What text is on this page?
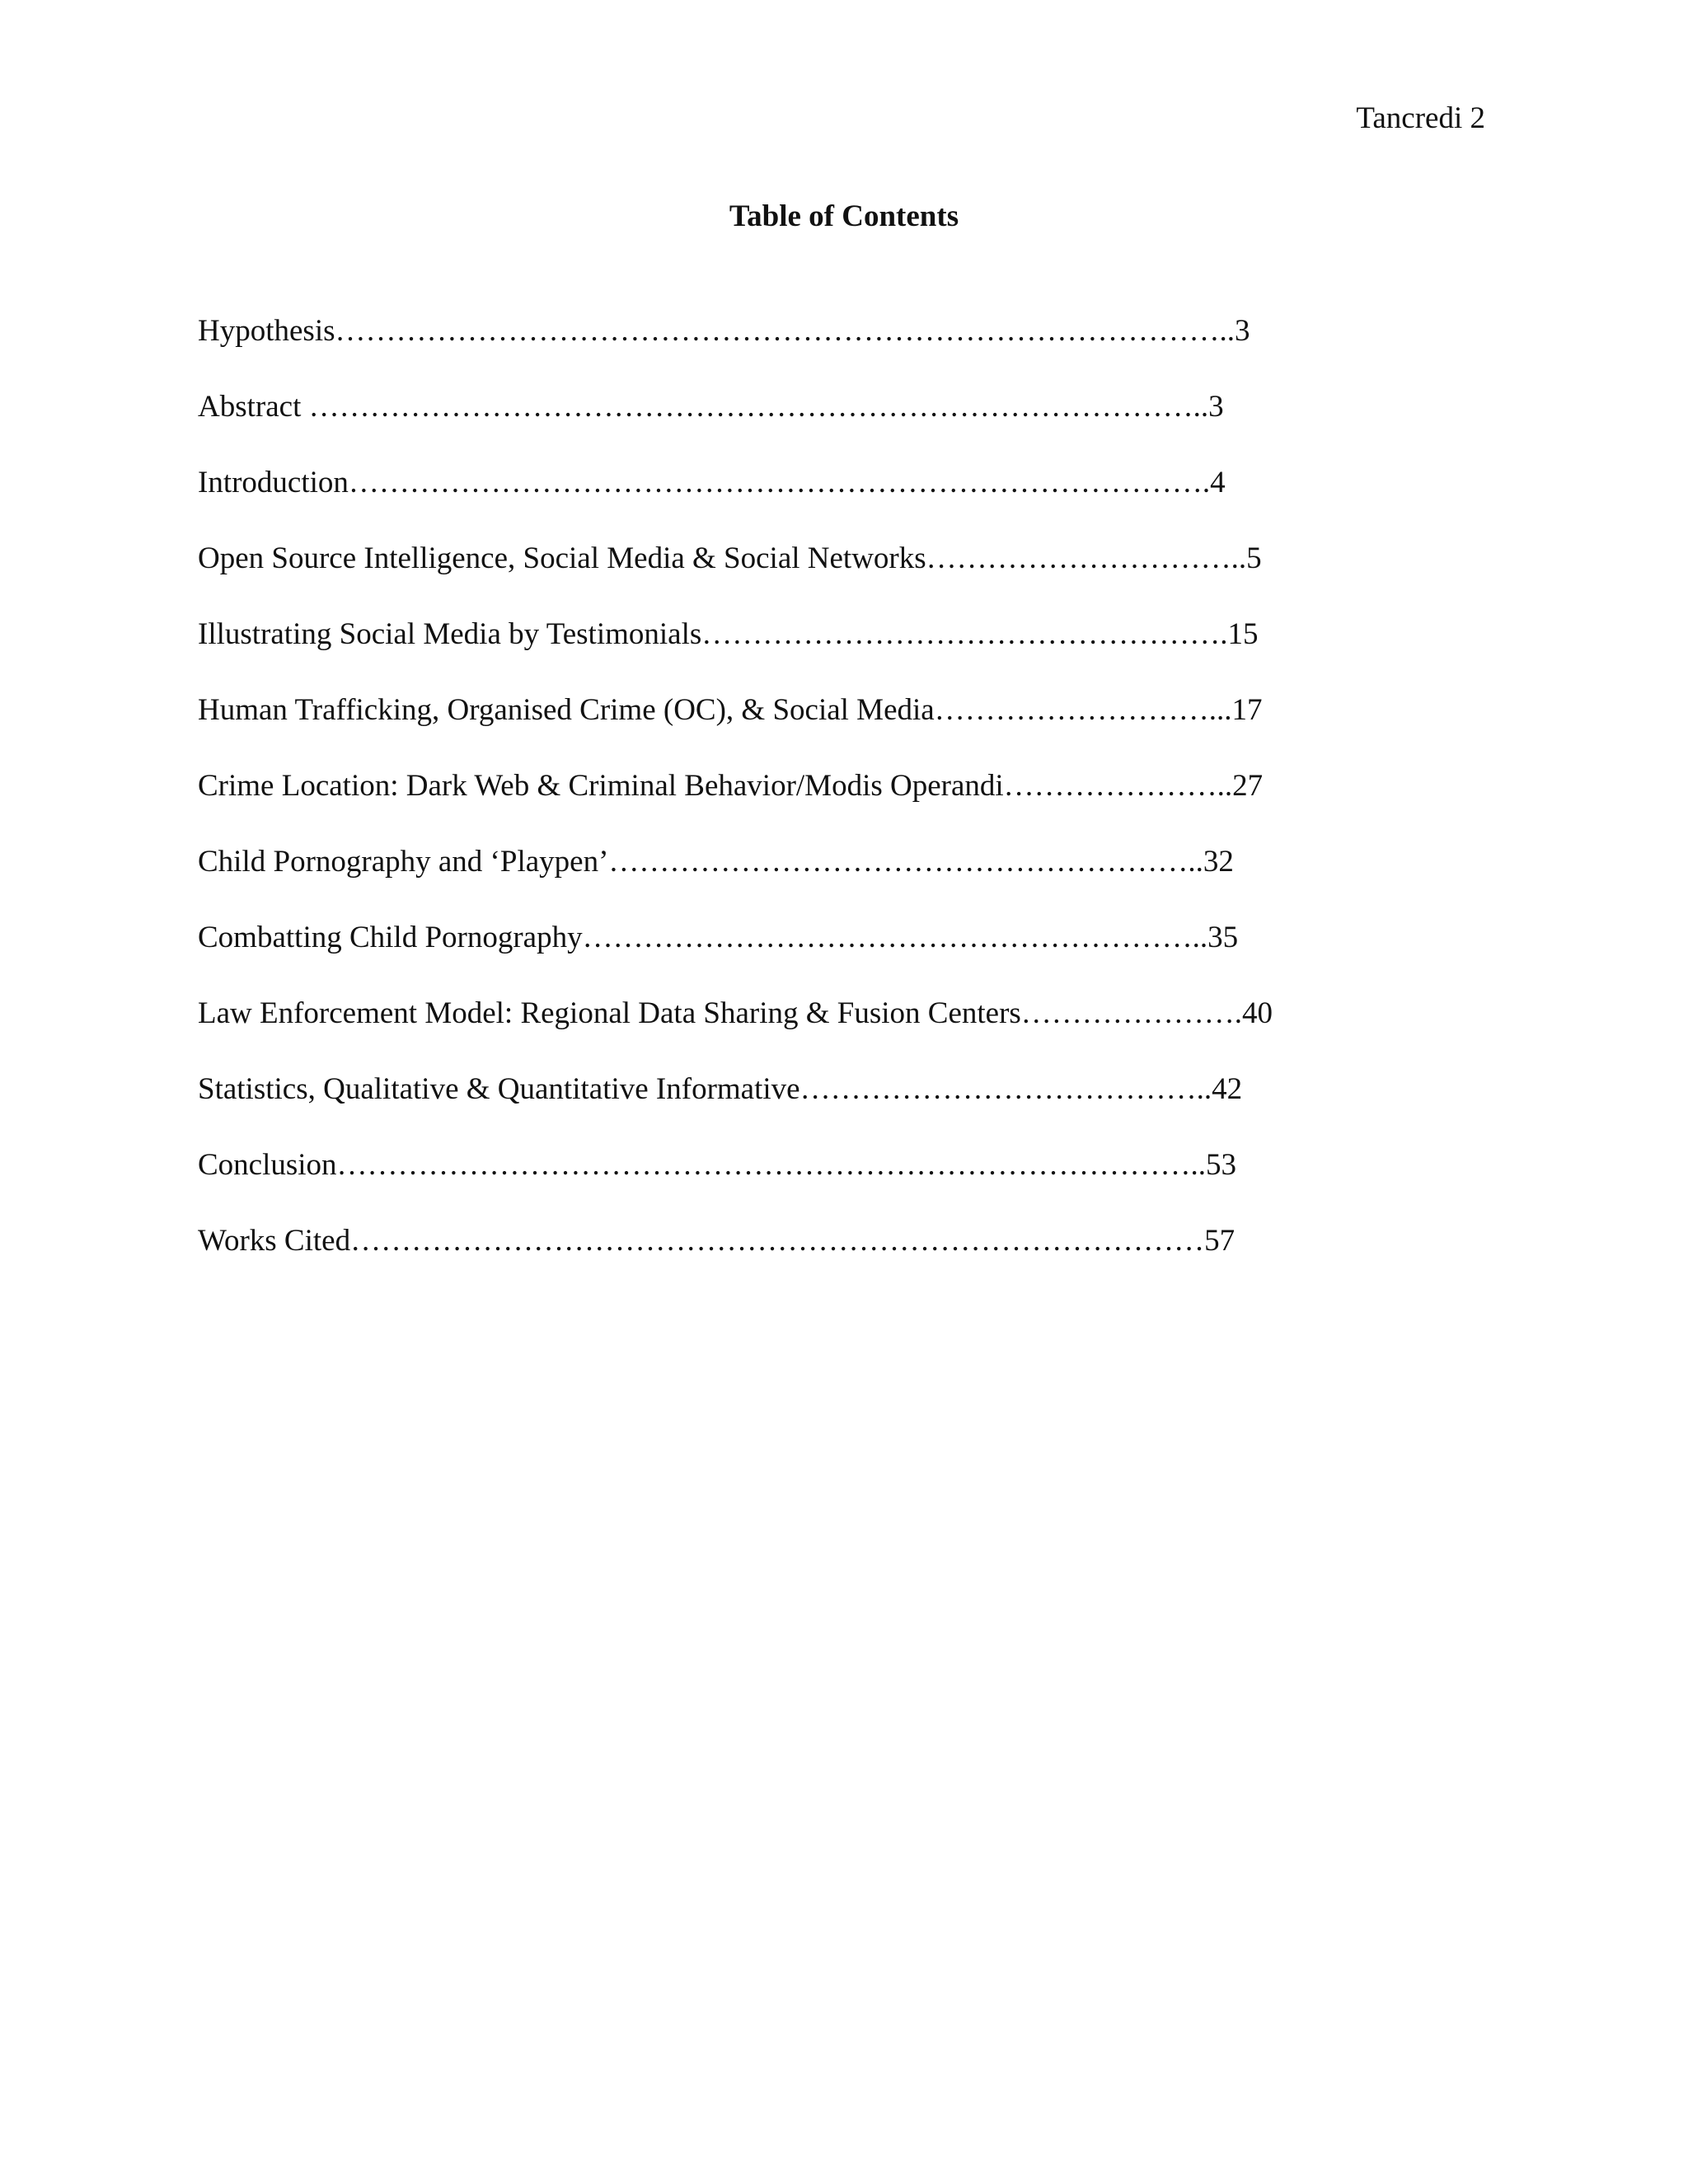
Tancredi 2
Table of Contents
Hypothesis……………………………………………………………………………..3
Abstract ……………………………………………………………………………..3
Introduction………………………………………………………………………….4
Open Source Intelligence, Social Media & Social Networks…………………………..5
Illustrating Social Media by Testimonials…………………………………………….15
Human Trafficking, Organised Crime (OC), & Social Media………………………...17
Crime Location: Dark Web & Criminal Behavior/Modis Operandi…………………..27
Child Pornography and ‘Playpen’…………………………………………………..32
Combatting Child Pornography……………………………………………………..35
Law Enforcement Model: Regional Data Sharing & Fusion Centers………………….40
Statistics, Qualitative & Quantitative Informative…………………………………..42
Conclusion…………………………………………………………………………..53
Works Cited…………………………………………………………………………57
